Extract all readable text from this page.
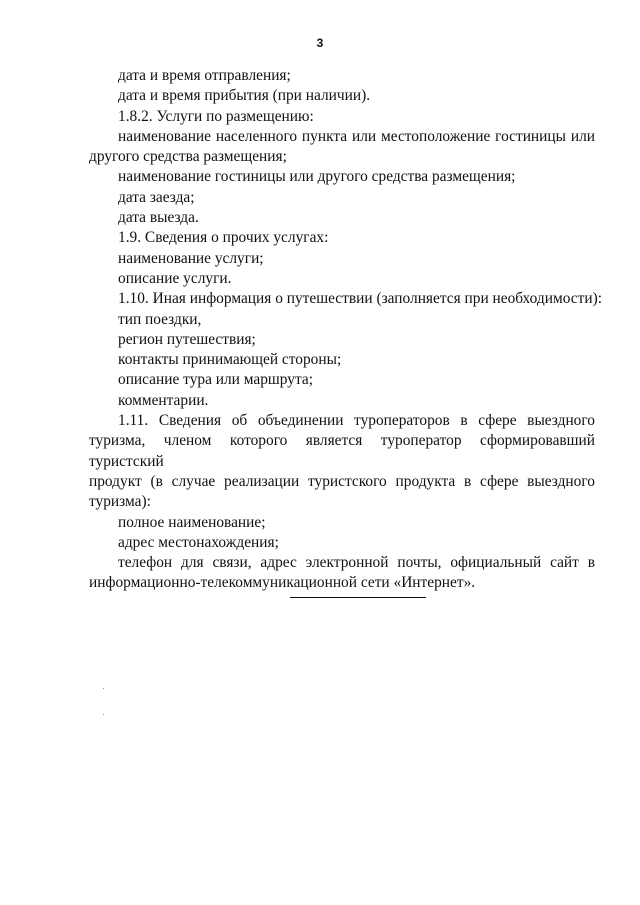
3
дата и время отправления;
дата и время прибытия (при наличии).
1.8.2. Услуги по размещению:
наименование населенного пункта или местоположение гостиницы или
другого средства размещения;
наименование гостиницы или другого средства размещения;
дата заезда;
дата выезда.
1.9. Сведения о прочих услугах:
наименование услуги;
описание услуги.
1.10. Иная информация о путешествии (заполняется при необходимости):
тип поездки,
регион путешествия;
контакты принимающей стороны;
описание тура или маршрута;
комментарии.
1.11. Сведения об объединении туроператоров в сфере выездного
туризма, членом которого является туроператор сформировавший туристский
продукт (в случае реализации туристского продукта в сфере выездного
туризма):
полное наименование;
адрес местонахождения;
телефон для связи, адрес электронной почты, официальный сайт в
информационно-телекоммуникационной сети «Интернет».
